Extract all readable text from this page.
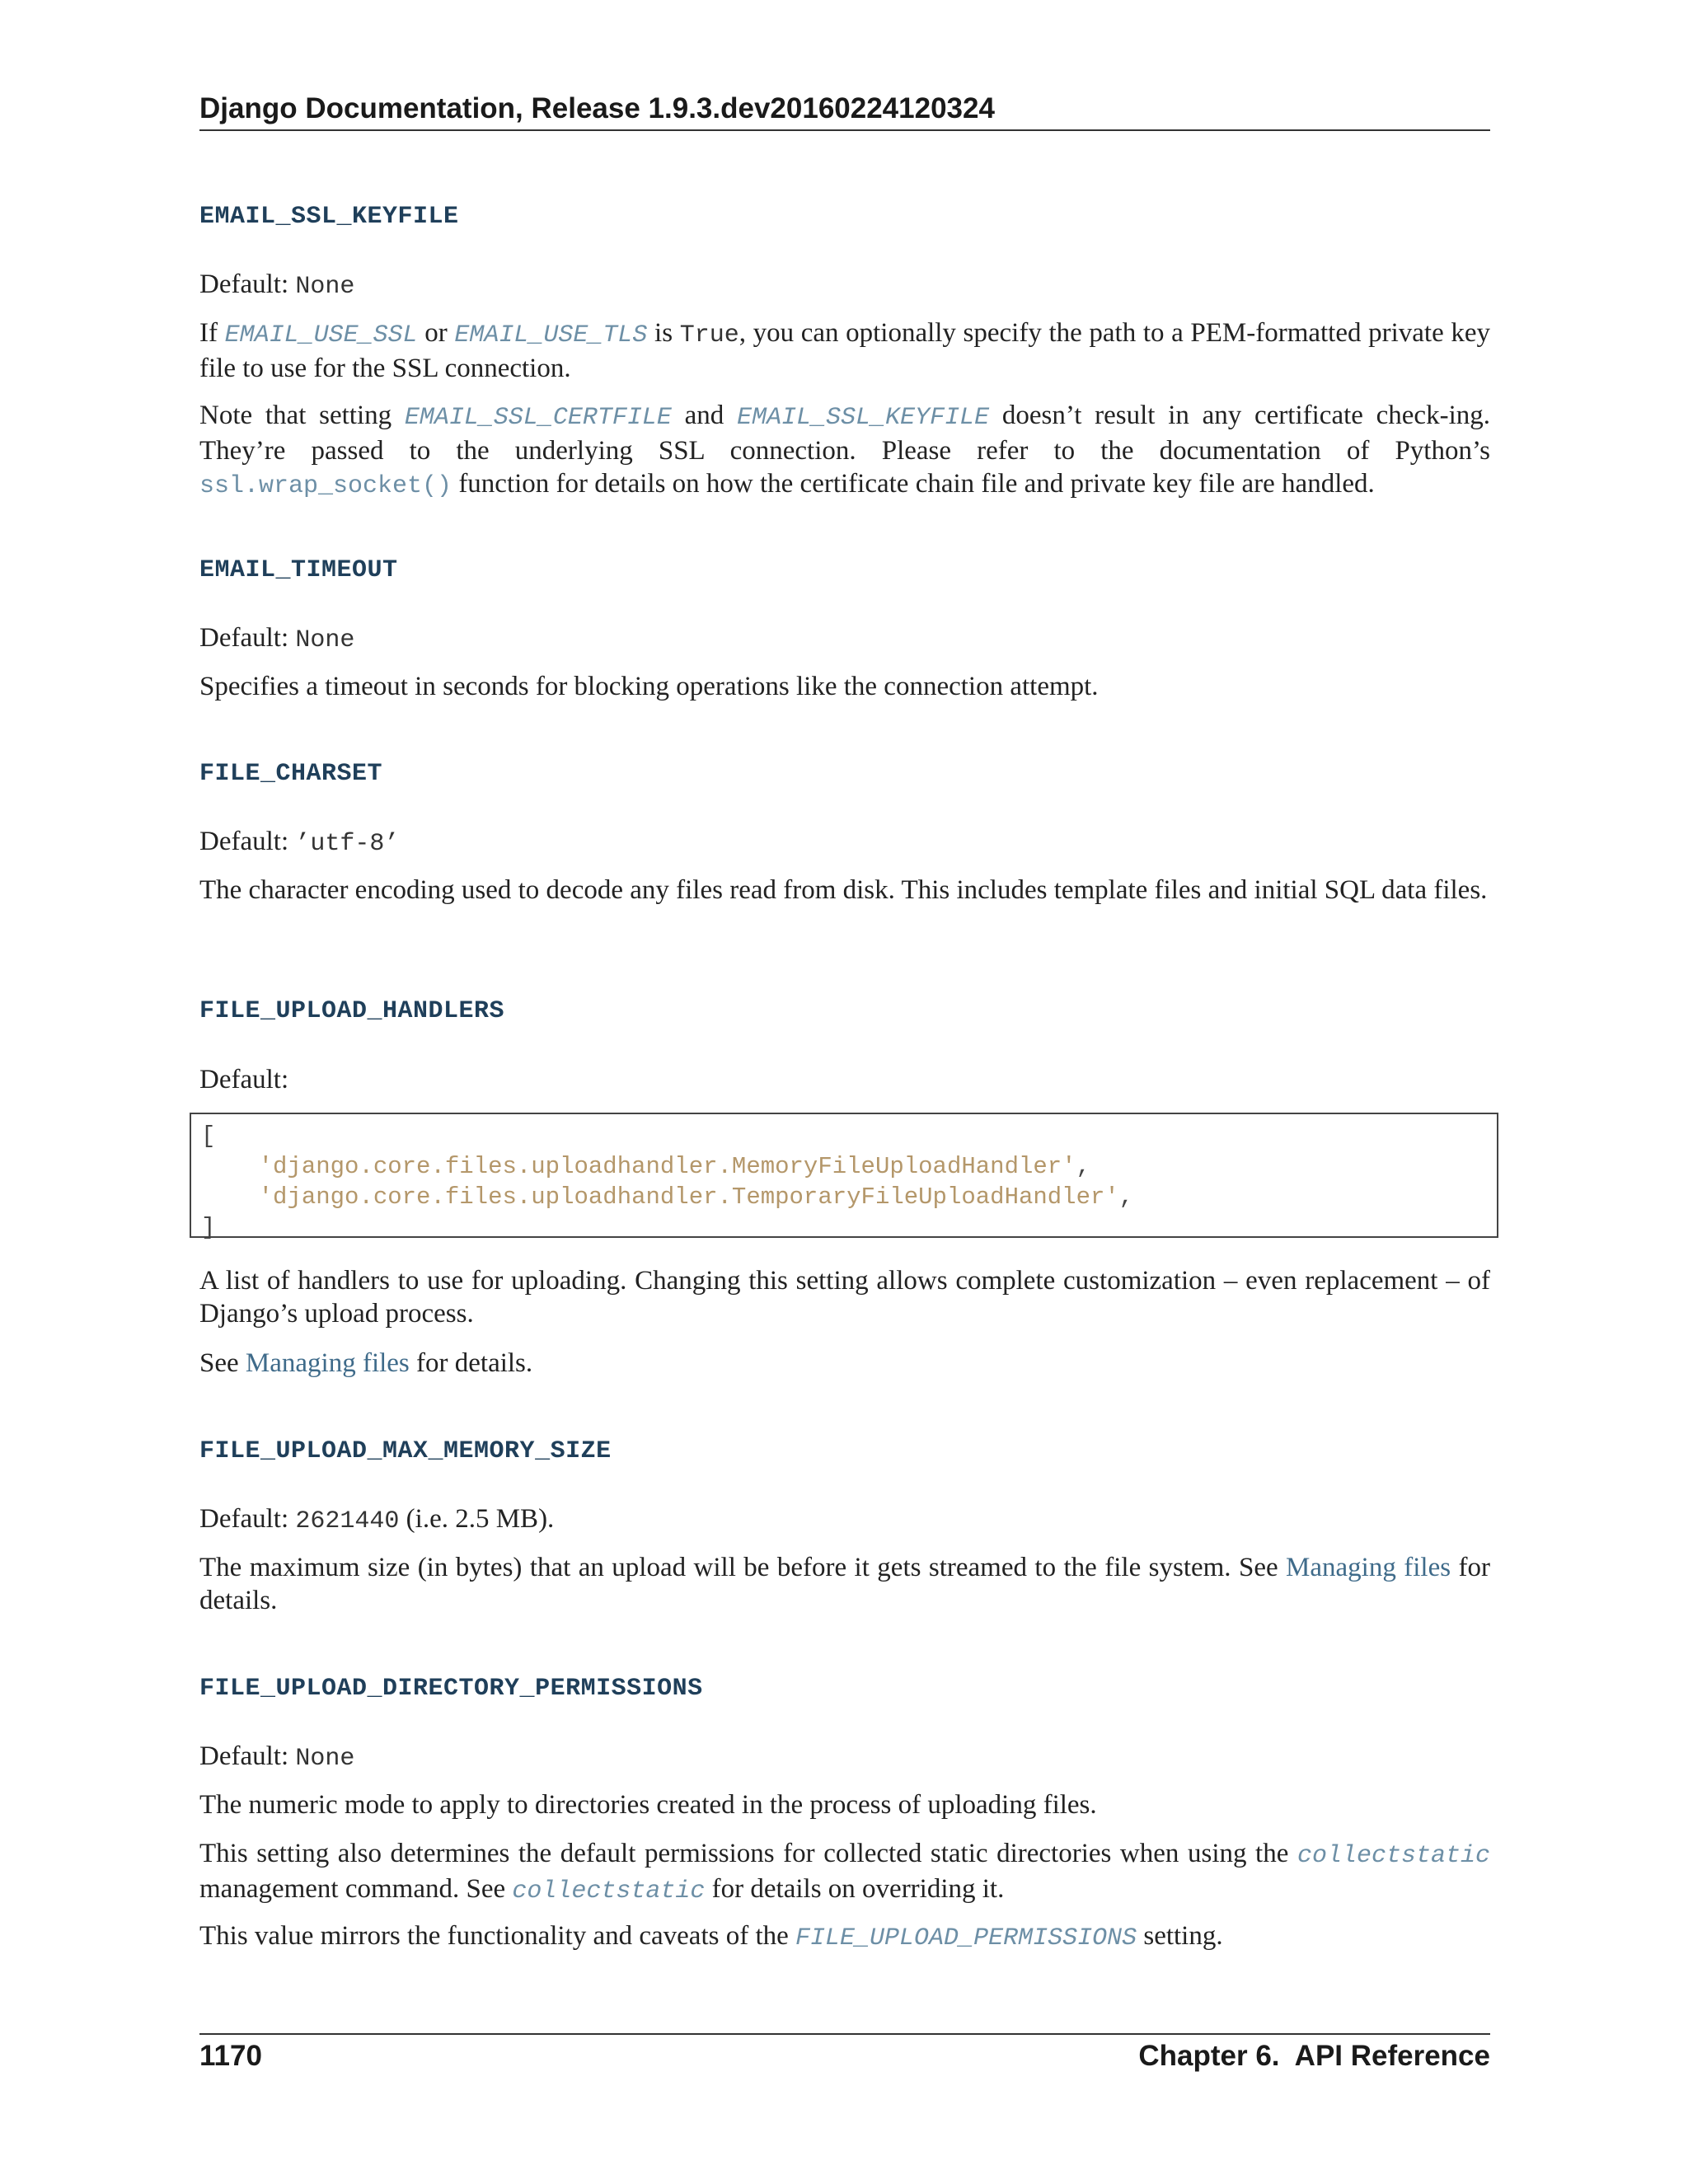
Django Documentation, Release 1.9.3.dev20160224120324
EMAIL_SSL_KEYFILE
Default: None
If EMAIL_USE_SSL or EMAIL_USE_TLS is True, you can optionally specify the path to a PEM-formatted private key file to use for the SSL connection.
Note that setting EMAIL_SSL_CERTFILE and EMAIL_SSL_KEYFILE doesn’t result in any certificate check-ing. They’re passed to the underlying SSL connection. Please refer to the documentation of Python’s ssl.wrap_socket() function for details on how the certificate chain file and private key file are handled.
EMAIL_TIMEOUT
Default: None
Specifies a timeout in seconds for blocking operations like the connection attempt.
FILE_CHARSET
Default: ’utf-8’
The character encoding used to decode any files read from disk. This includes template files and initial SQL data files.
FILE_UPLOAD_HANDLERS
Default:
[
'django.core.files.uploadhandler.MemoryFileUploadHandler',
'django.core.files.uploadhandler.TemporaryFileUploadHandler',
]
A list of handlers to use for uploading. Changing this setting allows complete customization – even replacement – of Django’s upload process.
See Managing files for details.
FILE_UPLOAD_MAX_MEMORY_SIZE
Default: 2621440 (i.e. 2.5 MB).
The maximum size (in bytes) that an upload will be before it gets streamed to the file system. See Managing files for details.
FILE_UPLOAD_DIRECTORY_PERMISSIONS
Default: None
The numeric mode to apply to directories created in the process of uploading files.
This setting also determines the default permissions for collected static directories when using the collectstatic management command. See collectstatic for details on overriding it.
This value mirrors the functionality and caveats of the FILE_UPLOAD_PERMISSIONS setting.
1170	Chapter 6.  API Reference
